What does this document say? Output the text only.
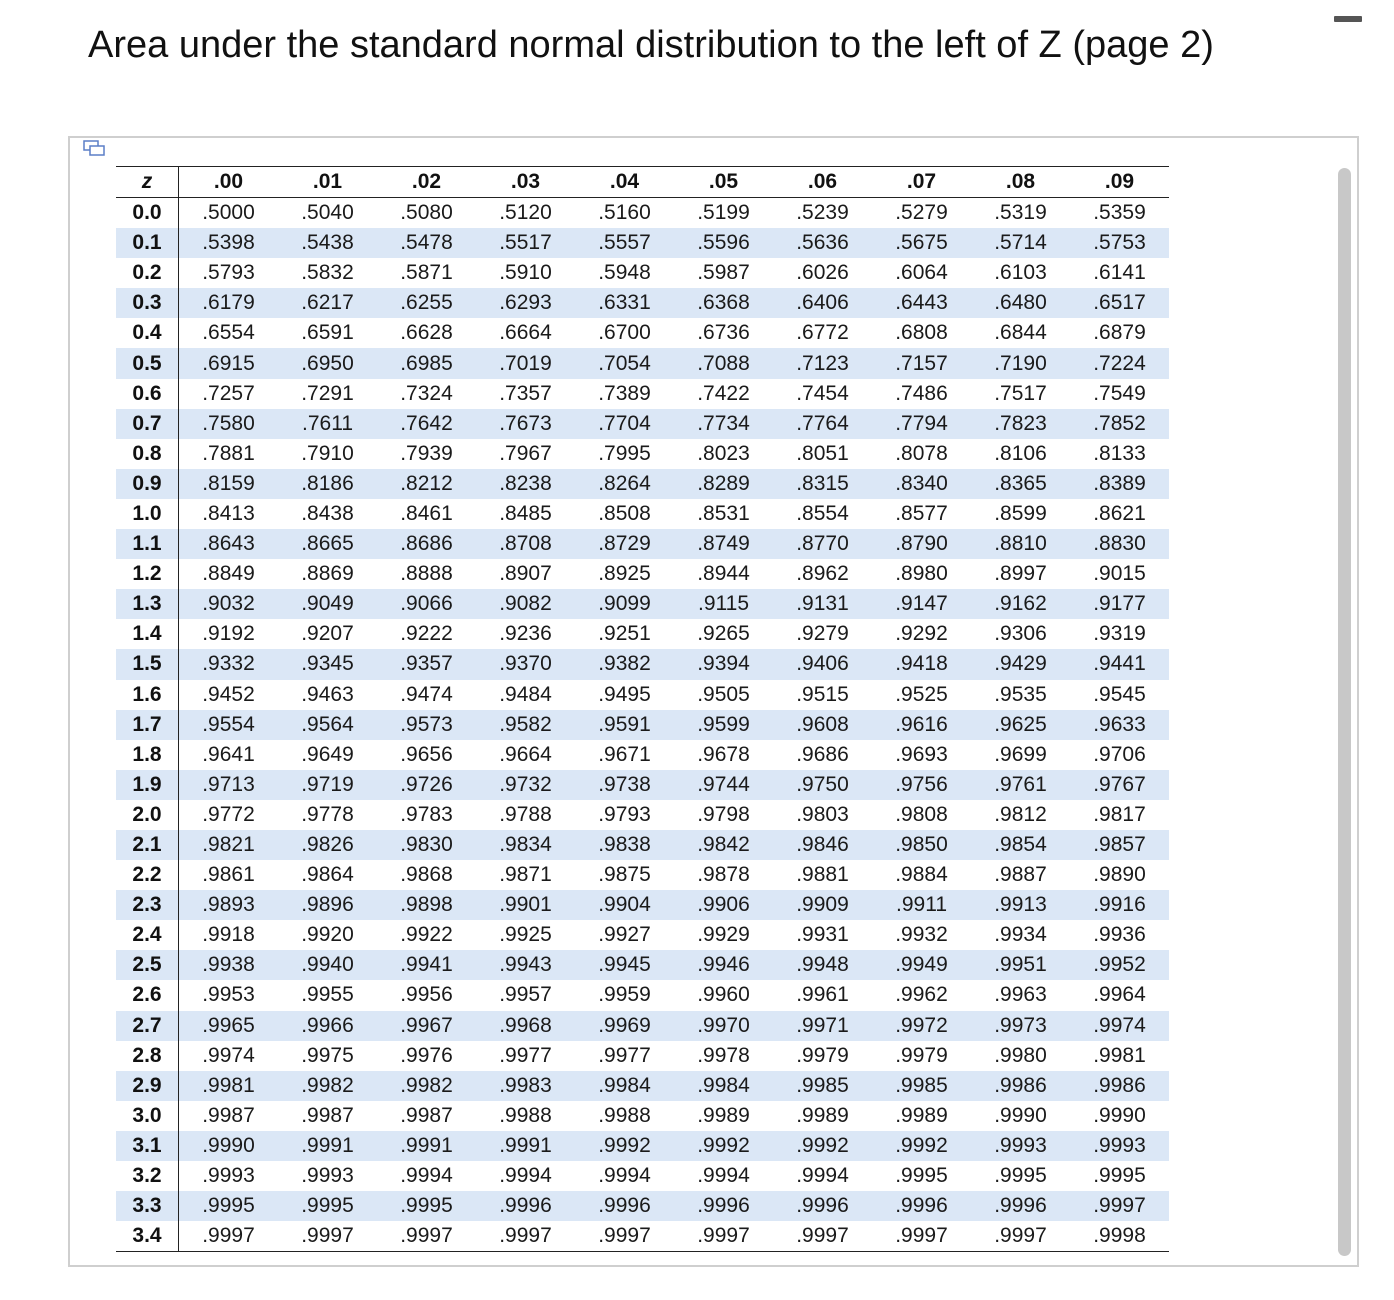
Area under the standard normal distribution to the left of Z (page 2)
z	.00	.01	.02	.03	.04	.05	.06	.07	.08	.09
0.0	.5000	.5040	.5080	.5120	.5160	.5199	.5239	.5279	.5319	.5359
0.1	.5398	.5438	.5478	.5517	.5557	.5596	.5636	.5675	.5714	.5753
0.2	.5793	.5832	.5871	.5910	.5948	.5987	.6026	.6064	.6103	.6141
0.3	.6179	.6217	.6255	.6293	.6331	.6368	.6406	.6443	.6480	.6517
0.4	.6554	.6591	.6628	.6664	.6700	.6736	.6772	.6808	.6844	.6879
0.5	.6915	.6950	.6985	.7019	.7054	.7088	.7123	.7157	.7190	.7224
0.6	.7257	.7291	.7324	.7357	.7389	.7422	.7454	.7486	.7517	.7549
0.7	.7580	.7611	.7642	.7673	.7704	.7734	.7764	.7794	.7823	.7852
0.8	.7881	.7910	.7939	.7967	.7995	.8023	.8051	.8078	.8106	.8133
0.9	.8159	.8186	.8212	.8238	.8264	.8289	.8315	.8340	.8365	.8389
1.0	.8413	.8438	.8461	.8485	.8508	.8531	.8554	.8577	.8599	.8621
1.1	.8643	.8665	.8686	.8708	.8729	.8749	.8770	.8790	.8810	.8830
1.2	.8849	.8869	.8888	.8907	.8925	.8944	.8962	.8980	.8997	.9015
1.3	.9032	.9049	.9066	.9082	.9099	.9115	.9131	.9147	.9162	.9177
1.4	.9192	.9207	.9222	.9236	.9251	.9265	.9279	.9292	.9306	.9319
1.5	.9332	.9345	.9357	.9370	.9382	.9394	.9406	.9418	.9429	.9441
1.6	.9452	.9463	.9474	.9484	.9495	.9505	.9515	.9525	.9535	.9545
1.7	.9554	.9564	.9573	.9582	.9591	.9599	.9608	.9616	.9625	.9633
1.8	.9641	.9649	.9656	.9664	.9671	.9678	.9686	.9693	.9699	.9706
1.9	.9713	.9719	.9726	.9732	.9738	.9744	.9750	.9756	.9761	.9767
2.0	.9772	.9778	.9783	.9788	.9793	.9798	.9803	.9808	.9812	.9817
2.1	.9821	.9826	.9830	.9834	.9838	.9842	.9846	.9850	.9854	.9857
2.2	.9861	.9864	.9868	.9871	.9875	.9878	.9881	.9884	.9887	.9890
2.3	.9893	.9896	.9898	.9901	.9904	.9906	.9909	.9911	.9913	.9916
2.4	.9918	.9920	.9922	.9925	.9927	.9929	.9931	.9932	.9934	.9936
2.5	.9938	.9940	.9941	.9943	.9945	.9946	.9948	.9949	.9951	.9952
2.6	.9953	.9955	.9956	.9957	.9959	.9960	.9961	.9962	.9963	.9964
2.7	.9965	.9966	.9967	.9968	.9969	.9970	.9971	.9972	.9973	.9974
2.8	.9974	.9975	.9976	.9977	.9977	.9978	.9979	.9979	.9980	.9981
2.9	.9981	.9982	.9982	.9983	.9984	.9984	.9985	.9985	.9986	.9986
3.0	.9987	.9987	.9987	.9988	.9988	.9989	.9989	.9989	.9990	.9990
3.1	.9990	.9991	.9991	.9991	.9992	.9992	.9992	.9992	.9993	.9993
3.2	.9993	.9993	.9994	.9994	.9994	.9994	.9994	.9995	.9995	.9995
3.3	.9995	.9995	.9995	.9996	.9996	.9996	.9996	.9996	.9996	.9997
3.4	.9997	.9997	.9997	.9997	.9997	.9997	.9997	.9997	.9997	.9998
